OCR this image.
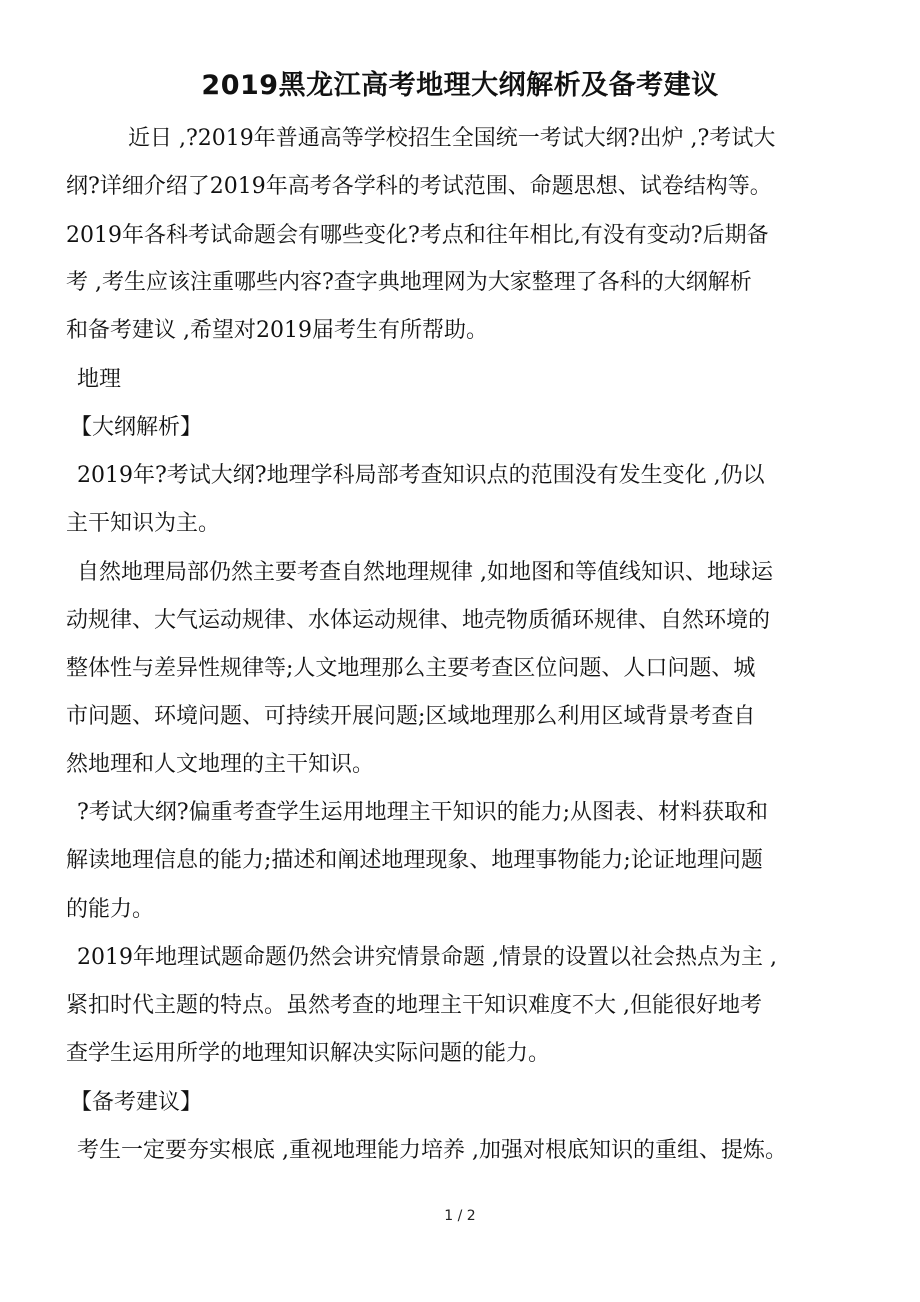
2019黑龙江高考地理大纲解析及备考建议

近日 ,?2019年普通高等学校招生全国统一考试大纲?出炉 ,?考试大

纲?详细介绍了2019年高考各学科的考试范围、命题思想、试卷结构等。

2019年各科考试命题会有哪些变化?考点和往年相比,有没有变动?后期备

考 ,考生应该注重哪些内容?查字典地理网为大家整理了各科的大纲解析

和备考建议 ,希望对2019届考生有所帮助。

地理

【大纲解析】

2019年?考试大纲?地理学科局部考查知识点的范围没有发生变化 ,仍以

主干知识为主。

自然地理局部仍然主要考查自然地理规律 ,如地图和等值线知识、地球运

动规律、大气运动规律、水体运动规律、地壳物质循环规律、自然环境的

整体性与差异性规律等;人文地理那么主要考查区位问题、人口问题、城

市问题、环境问题、可持续开展问题;区域地理那么利用区域背景考查自

然地理和人文地理的主干知识。

?考试大纲?偏重考查学生运用地理主干知识的能力;从图表、材料获取和

解读地理信息的能力;描述和阐述地理现象、地理事物能力;论证地理问题

的能力。

2019年地理试题命题仍然会讲究情景命题 ,情景的设置以社会热点为主 ,

紧扣时代主题的特点。虽然考查的地理主干知识难度不大 ,但能很好地考

查学生运用所学的地理知识解决实际问题的能力。

【备考建议】

考生一定要夯实根底 ,重视地理能力培养 ,加强对根底知识的重组、提炼。

1 / 2
